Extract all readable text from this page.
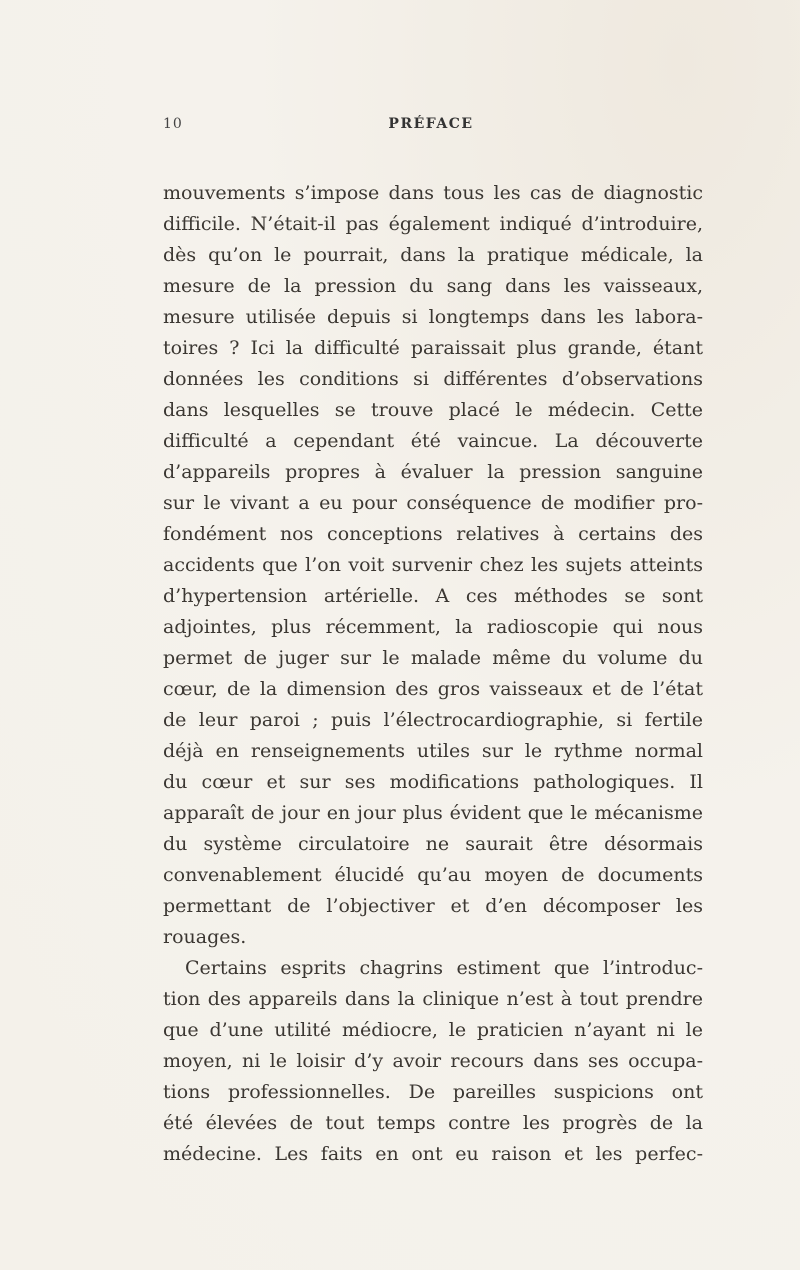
10	PRÉFACE
mouvements s’impose dans tous les cas de diagnostic
difficile. N’était-il pas également indiqué d’introduire,
dès qu’on le pourrait, dans la pratique médicale, la
mesure de la pression du sang dans les vaisseaux,
mesure utilisée depuis si longtemps dans les labora-
toires ? Ici la difficulté paraissait plus grande, étant
données les conditions si différentes d’observations
dans lesquelles se trouve placé le médecin. Cette
difficulté a cependant été vaincue. La découverte
d’appareils propres à évaluer la pression sanguine
sur le vivant a eu pour conséquence de modifier pro-
fondément nos conceptions relatives à certains des
accidents que l’on voit survenir chez les sujets atteints
d’hypertension artérielle. A ces méthodes se sont
adjointes, plus récemment, la radioscopie qui nous
permet de juger sur le malade même du volume du
cœur, de la dimension des gros vaisseaux et de l’état
de leur paroi ; puis l’électrocardiographie, si fertile
déjà en renseignements utiles sur le rythme normal
du cœur et sur ses modifications pathologiques. Il
apparaît de jour en jour plus évident que le mécanisme
du système circulatoire ne saurait être désormais
convenablement élucidé qu’au moyen de documents
permettant de l’objectiver et d’en décomposer les
rouages.
Certains esprits chagrins estiment que l’introduc-
tion des appareils dans la clinique n’est à tout prendre
que d’une utilité médiocre, le praticien n’ayant ni le
moyen, ni le loisir d’y avoir recours dans ses occupa-
tions professionnelles. De pareilles suspicions ont
été élevées de tout temps contre les progrès de la
médecine. Les faits en ont eu raison et les perfec-
